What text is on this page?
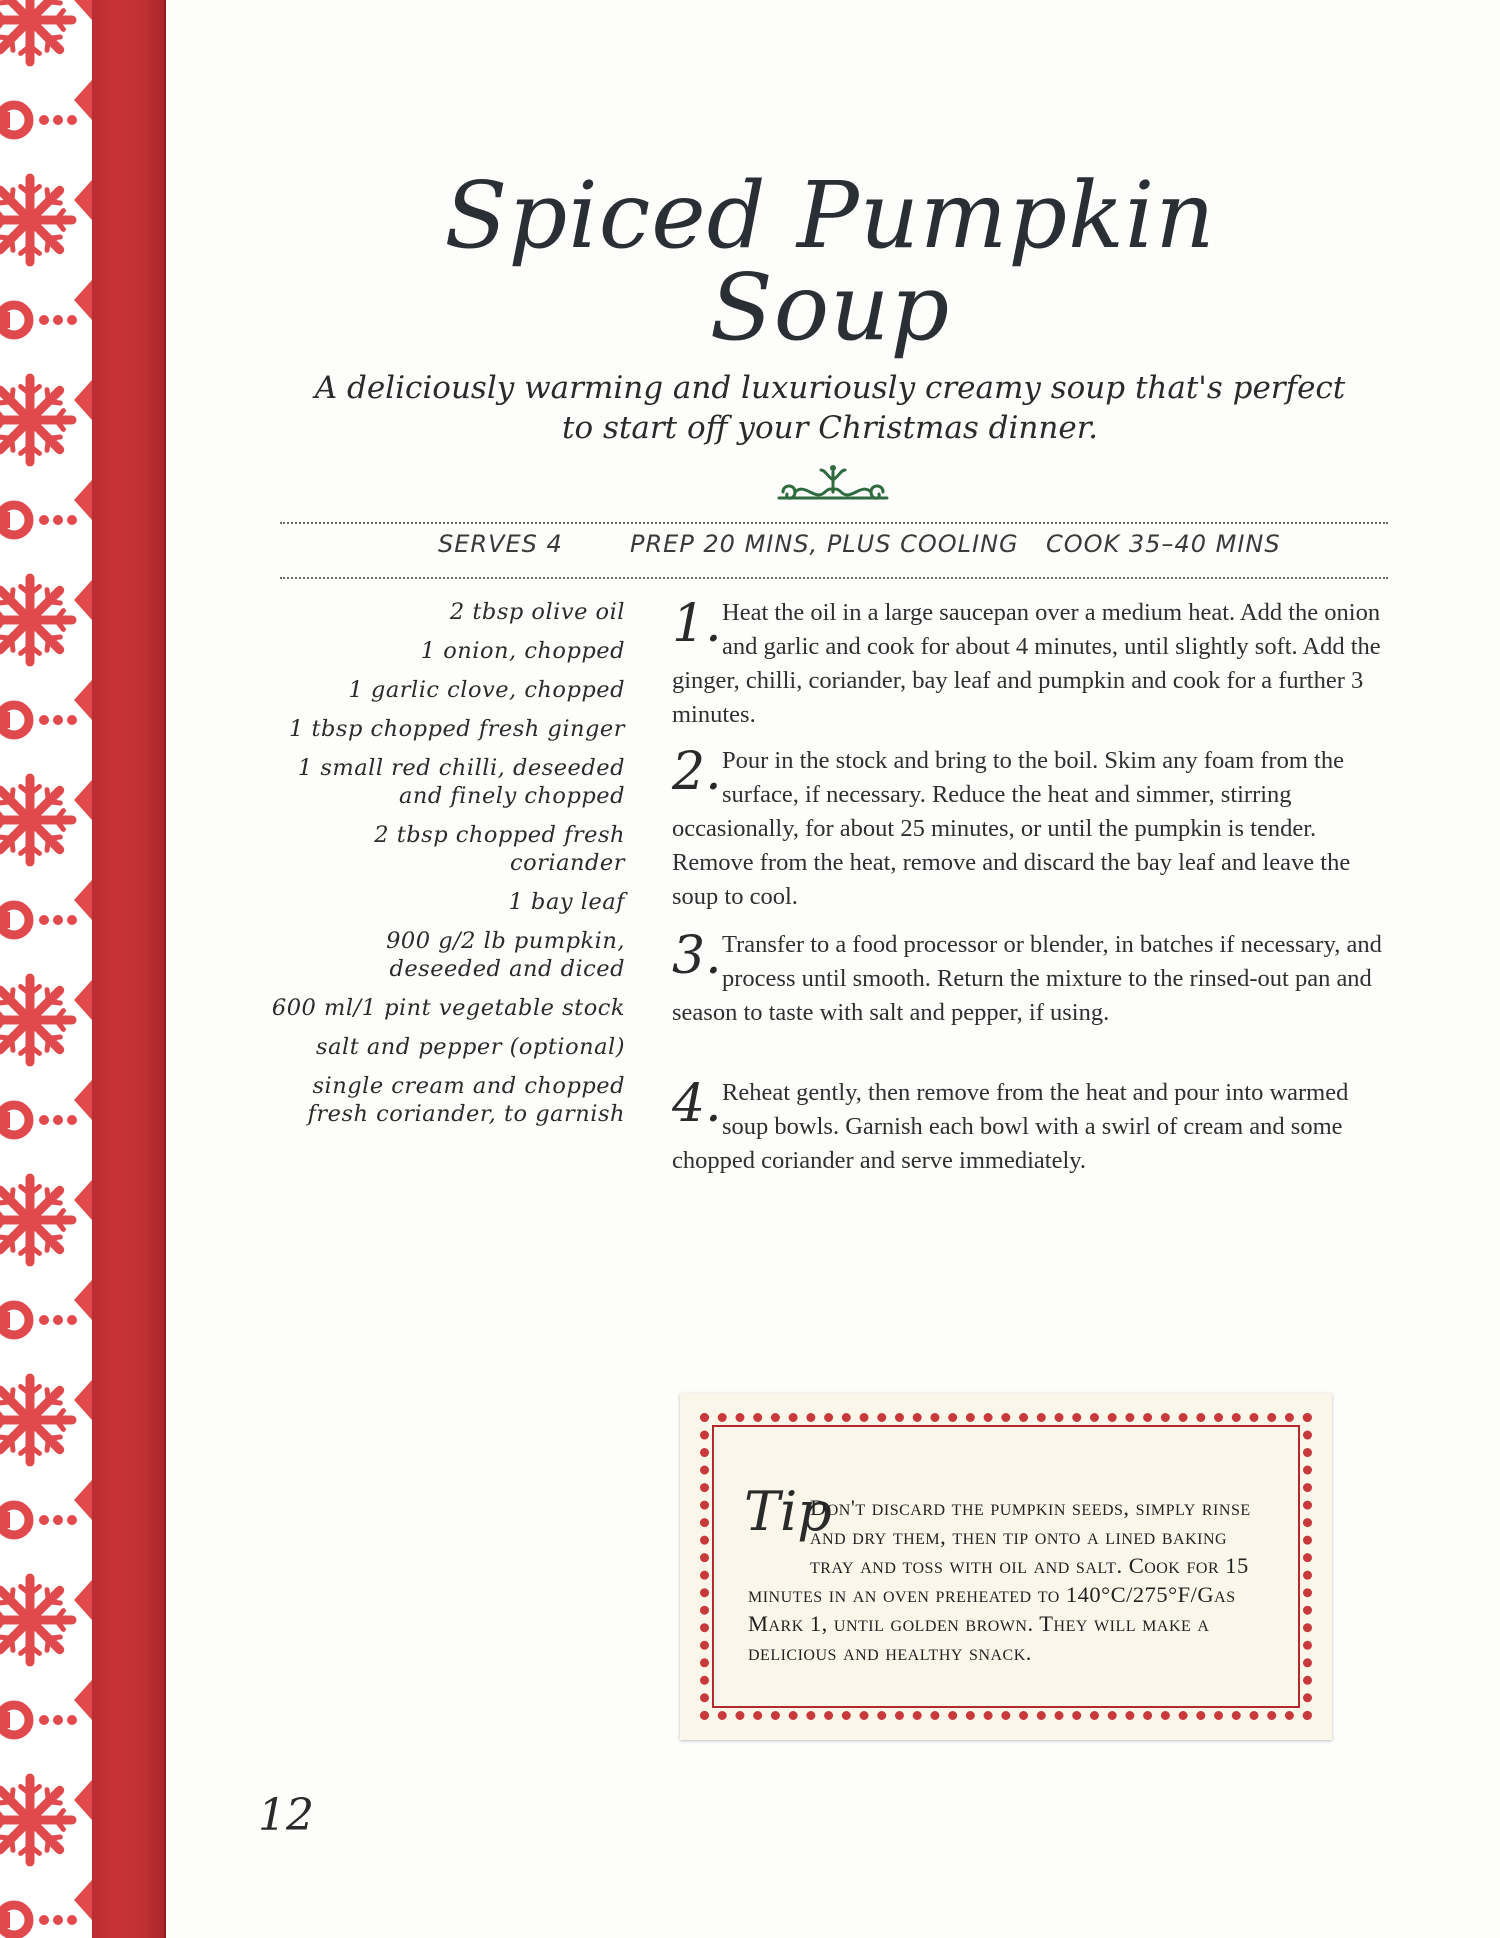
Spiced Pumpkin Soup

A deliciously warming and luxuriously creamy soup that's perfect to start off your Christmas dinner.

SERVES 4	PREP 20 MINS, PLUS COOLING COOK 35–40 MINS
2 tbsp olive oil
1 onion, chopped
1 garlic clove, chopped
1 tbsp chopped fresh ginger
1 small red chilli, deseeded and finely chopped
2 tbsp chopped fresh coriander
1 bay leaf
900 g/2 lb pumpkin, deseeded and diced
600 ml/1 pint vegetable stock
salt and pepper (optional)
single cream and chopped fresh coriander, to garnish
1. Heat the oil in a large saucepan over a medium heat. Add the onion and garlic and cook for about 4 minutes, until slightly soft. Add the ginger, chilli, coriander, bay leaf and pumpkin and cook for a further 3 minutes.
2. Pour in the stock and bring to the boil. Skim any foam from the surface, if necessary. Reduce the heat and simmer, stirring occasionally, for about 25 minutes, or until the pumpkin is tender. Remove from the heat, remove and discard the bay leaf and leave the soup to cool.
3. Transfer to a food processor or blender, in batches if necessary, and process until smooth. Return the mixture to the rinsed-out pan and season to taste with salt and pepper, if using.
4. Reheat gently, then remove from the heat and pour into warmed soup bowls. Garnish each bowl with a swirl of cream and some chopped coriander and serve immediately.
Tip

Don't discard the pumpkin seeds, simply rinse and dry them, then tip onto a lined baking tray and toss with oil and salt. Cook for 15 minutes in an oven preheated to 140°C/275°F/Gas Mark 1, until golden brown. They will make a delicious and healthy snack.

12
